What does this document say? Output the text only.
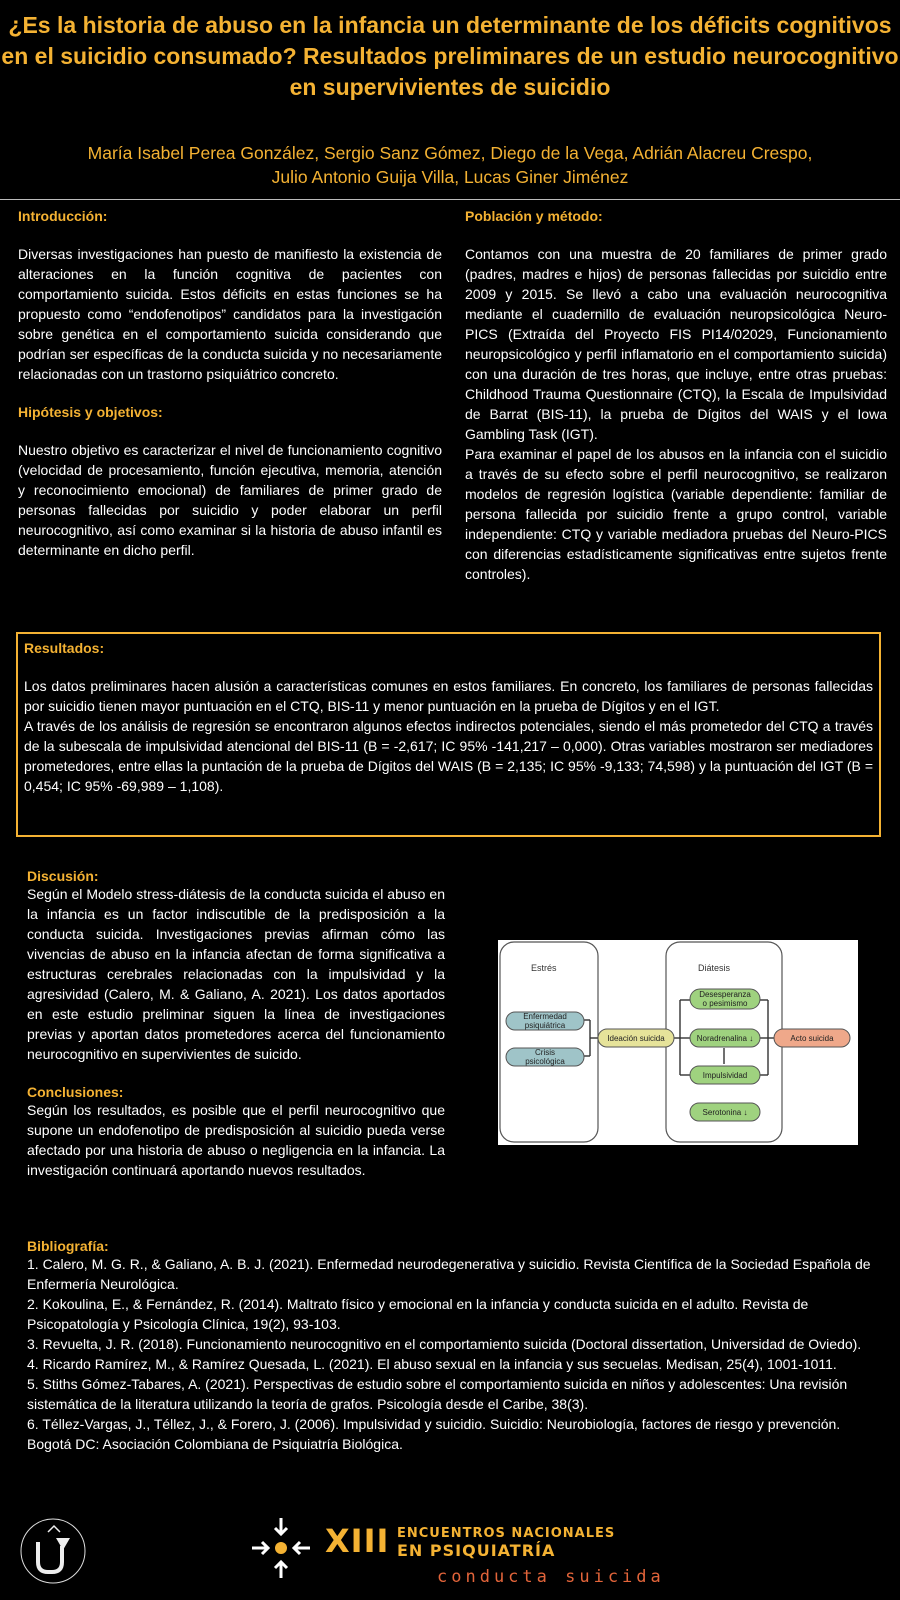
¿Es la historia de abuso en la infancia un determinante de los déficits cognitivos en el suicidio consumado? Resultados preliminares de un estudio neurocognitivo en supervivientes de suicidio
María Isabel Perea González, Sergio Sanz Gómez, Diego de la Vega, Adrián Alacreu Crespo,
Julio Antonio Guija Villa, Lucas Giner Jiménez
Introducción:
Diversas investigaciones han puesto de manifiesto la existencia de alteraciones en la función cognitiva de pacientes con comportamiento suicida. Estos déficits en estas funciones se ha propuesto como “endofenotipos” candidatos para la investigación sobre genética en el comportamiento suicida considerando que podrían ser específicas de la conducta suicida y no necesariamente relacionadas con un trastorno psiquiátrico concreto.
Hipótesis y objetivos:
Nuestro objetivo es caracterizar el nivel de funcionamiento cognitivo (velocidad de procesamiento, función ejecutiva, memoria, atención y reconocimiento emocional) de familiares de primer grado de personas fallecidas por suicidio y poder elaborar un perfil neurocognitivo, así como examinar si la historia de abuso infantil es determinante en dicho perfil.
Población y método:
Contamos con una muestra de 20 familiares de primer grado (padres, madres e hijos) de personas fallecidas por suicidio entre 2009 y 2015. Se llevó a cabo una evaluación neurocognitiva mediante el cuadernillo de evaluación neuropsicológica Neuro-PICS (Extraída del Proyecto FIS PI14/02029, Funcionamiento neuropsicológico y perfil inflamatorio en el comportamiento suicida) con una duración de tres horas, que incluye, entre otras pruebas: Childhood Trauma Questionnaire (CTQ), la Escala de Impulsividad de Barrat (BIS-11), la prueba de Dígitos del WAIS y el Iowa Gambling Task (IGT).
Para examinar el papel de los abusos en la infancia con el suicidio a través de su efecto sobre el perfil neurocognitivo, se realizaron modelos de regresión logística (variable dependiente: familiar de persona fallecida por suicidio frente a grupo control, variable independiente: CTQ y variable mediadora pruebas del Neuro-PICS con diferencias estadísticamente significativas entre sujetos frente controles).
Resultados:
Los datos preliminares hacen alusión a características comunes en estos familiares. En concreto, los familiares de personas fallecidas por suicidio tienen mayor puntuación en el CTQ, BIS-11 y menor puntuación en la prueba de Dígitos y en el IGT.
A través de los análisis de regresión se encontraron algunos efectos indirectos potenciales, siendo el más prometedor del CTQ a través de la subescala de impulsividad atencional del BIS-11 (B = -2,617; IC 95% -141,217 – 0,000). Otras variables mostraron ser mediadores prometedores, entre ellas la puntación de la prueba de Dígitos del WAIS (B = 2,135; IC 95% -9,133; 74,598) y la puntuación del IGT (B = 0,454; IC 95% -69,989 – 1,108).
Discusión:
Según el Modelo stress-diátesis de la conducta suicida el abuso en la infancia es un factor indiscutible de la predisposición a la conducta suicida. Investigaciones previas afirman cómo las vivencias de abuso en la infancia afectan de forma significativa a estructuras cerebrales relacionadas con la impulsividad y la agresividad (Calero, M. & Galiano, A. 2021). Los datos aportados en este estudio preliminar siguen la línea de investigaciones previas y aportan datos prometedores acerca del funcionamiento neurocognitivo en supervivientes de suicido.
Conclusiones:
Según los resultados, es posible que el perfil neurocognitivo que supone un endofenotipo de predisposición al suicidio pueda verse afectado por una historia de abuso o negligencia en la infancia. La investigación continuará aportando nuevos resultados.
Estrés	Diátesis
Enfermedad
psiquiátrica
Crisis
psicológica
Ideación suicida
Desesperanza
o pesimismo
Noradrenalina ↓
Impulsividad
Serotonina ↓
Acto suicida
Bibliografía:
1. Calero, M. G. R., & Galiano, A. B. J. (2021). Enfermedad neurodegenerativa y suicidio. Revista Científica de la Sociedad Española de Enfermería Neurológica.
2. Kokoulina, E., & Fernández, R. (2014). Maltrato físico y emocional en la infancia y conducta suicida en el adulto. Revista de Psicopatología y Psicología Clínica, 19(2), 93-103.
3. Revuelta, J. R. (2018). Funcionamiento neurocognitivo en el comportamiento suicida (Doctoral dissertation, Universidad de Oviedo).
4. Ricardo Ramírez, M., & Ramírez Quesada, L. (2021). El abuso sexual en la infancia y sus secuelas. Medisan, 25(4), 1001-1011.
5. Stiths Gómez-Tabares, A. (2021). Perspectivas de estudio sobre el comportamiento suicida en niños y adolescentes: Una revisión sistemática de la literatura utilizando la teoría de grafos. Psicología desde el Caribe, 38(3).
6. Téllez-Vargas, J., Téllez, J., & Forero, J. (2006). Impulsividad y suicidio. Suicidio: Neurobiología, factores de riesgo y prevención. Bogotá DC: Asociación Colombiana de Psiquiatría Biológica.
XIII ENCUENTROS NACIONALES
EN PSIQUIATRÍA
conducta suicida
